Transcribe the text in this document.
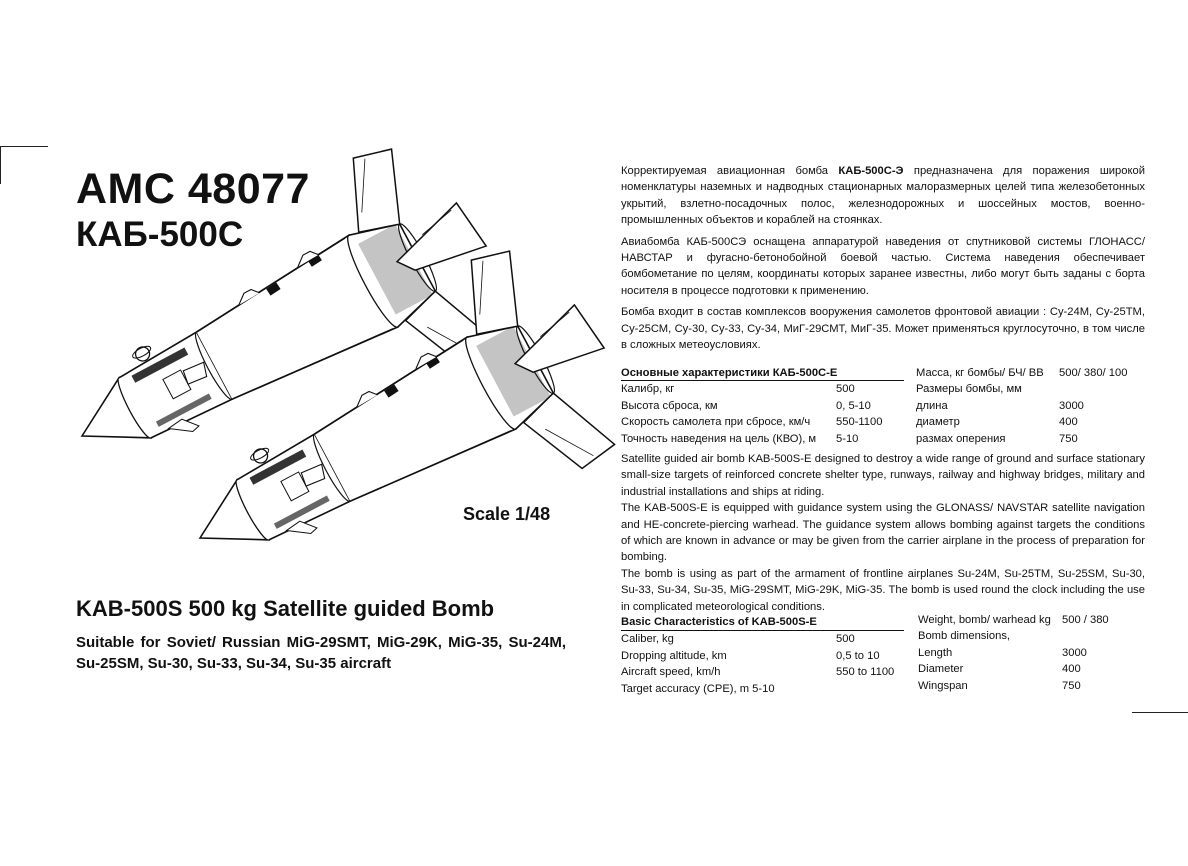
AMC 48077
КАБ-500С
Scale 1/48
KAB-500S 500 kg Satellite guided Bomb
Suitable for Soviet/ Russian MiG-29SMT, MiG-29K, MiG-35, Su-24M, Su-25SM, Su-30, Su-33, Su-34, Su-35 aircraft

Корректируемая авиационная бомба КАБ-500С-Э предназначена для поражения широкой номенклатуры наземных и надводных стационарных малоразмерных целей типа железобетонных укрытий, взлетно-посадочных полос, железнодорожных и шоссейных мостов, военно-промышленных объектов и кораблей на стоянках.

Авиабомба КАБ-500СЭ оснащена аппаратурой наведения от спутниковой системы ГЛОНАСС/НАВСТАР и фугасно-бетонобойной боевой частью. Система наведения обеспечивает бомбометание по целям, координаты которых заранее известны, либо могут быть заданы с борта носителя в процессе подготовки к применению.

Бомба входит в состав комплексов вооружения самолетов фронтовой авиации : Су-24М, Су-25ТМ, Су-25СМ, Су-30, Су-33, Су-34, МиГ-29СМТ, МиГ-35. Может применяться круглосуточно, в том числе в сложных метеоусловиях.

Основные характеристики КАБ-500С-Е	Масса, кг бомбы/ БЧ/ ВВ 500/ 380/ 100
Калибр, кг	500	Размеры бомбы, мм
Высота сброса, км	0, 5-10	длина	3000
Скорость самолета при сбросе, км/ч 550-1100	диаметр	400
Точность наведения на цель (КВО), м 5-10	размах оперения	750

Satellite guided air bomb KAB-500S-E designed to destroy a wide range of ground and surface stationary small-size targets of reinforced concrete shelter type, runways, railway and highway bridges, military and industrial installations and ships at riding.

The KAB-500S-E is equipped with guidance system using the GLONASS/ NAVSTAR satellite navigation and HE-concrete-piercing warhead. The guidance system allows bombing against targets the conditions of which are known in advance or may be given from the carrier airplane in the process of preparation for bombing.

The bomb is using as part of the armament of frontline airplanes Su-24M, Su-25TM, Su-25SM, Su-30, Su-33, Su-34, Su-35, MiG-29SMT, MiG-29K, MiG-35. The bomb is used round the clock including the use in complicated meteorological conditions.

Basic Characteristics of KAB-500S-E	Weight, bomb/ warhead kg 500 / 380
Caliber, kg	500	Bomb dimensions,
Dropping altitude, km	0,5 to 10	Length	3000
Aircraft speed, km/h	550 to 1100 Diameter	400
Target accuracy (CPE), m 5-10	Wingspan	750
